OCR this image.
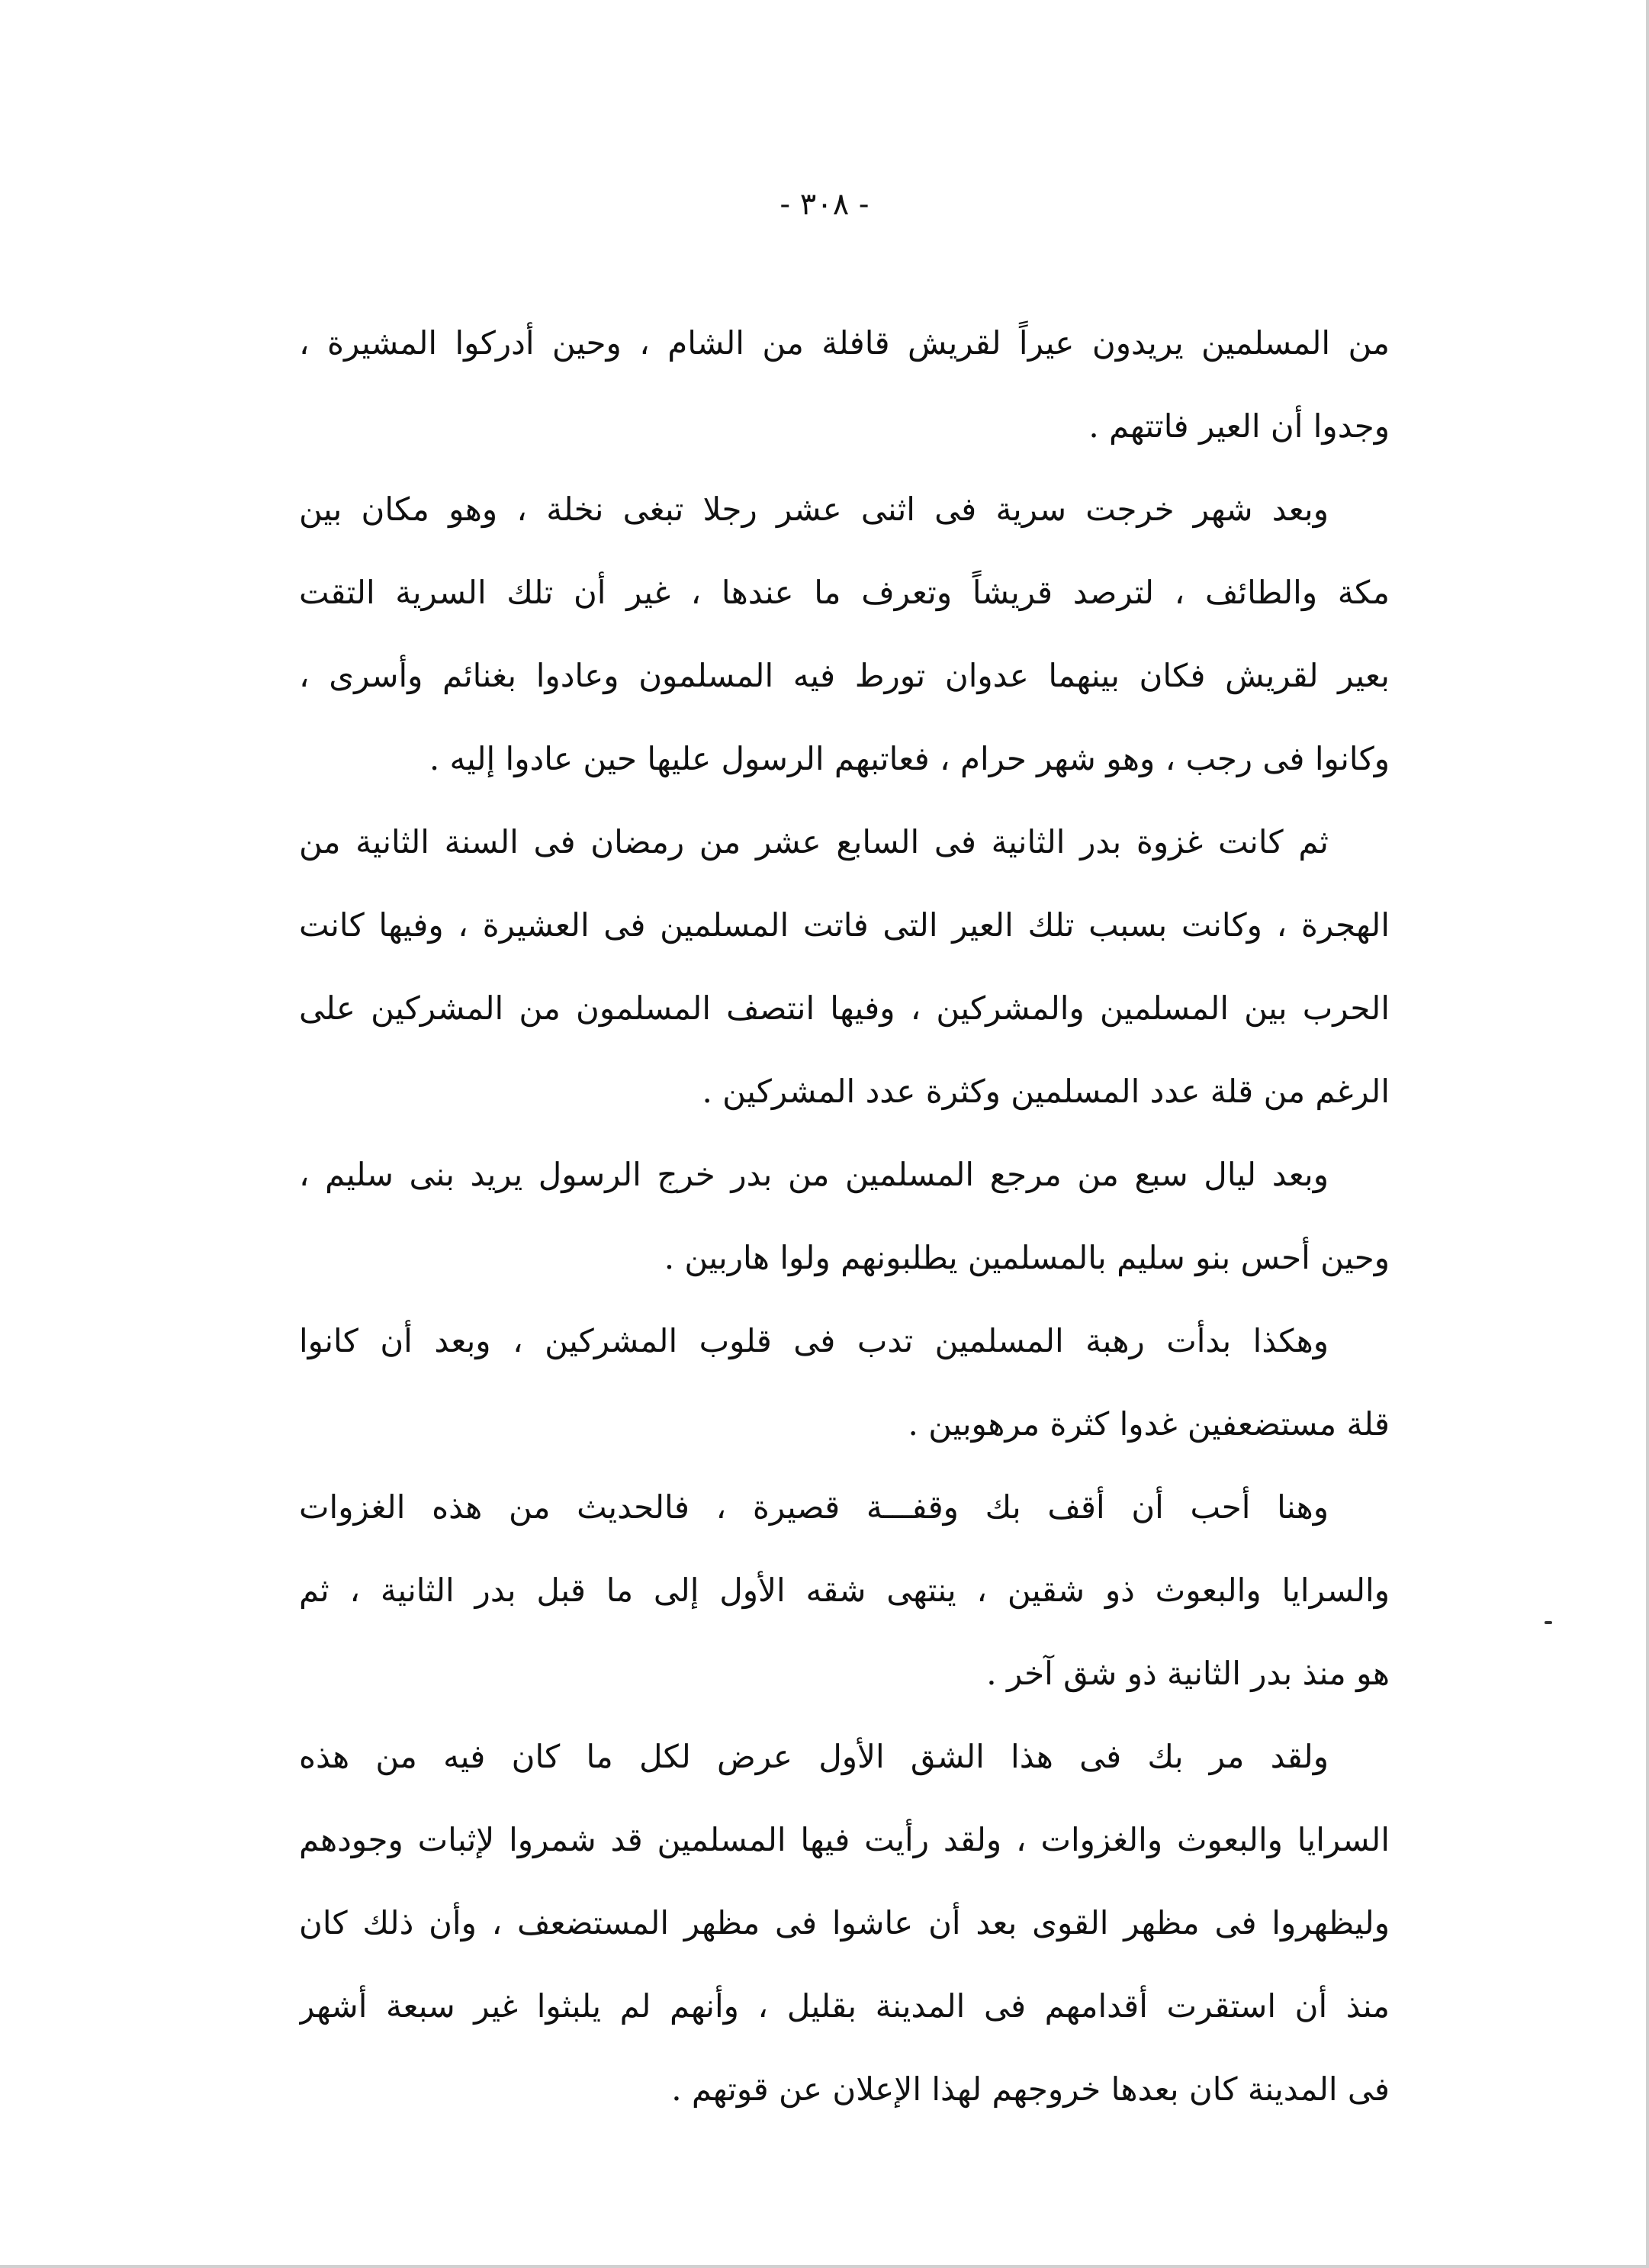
- ٣٠٨ -
من المسلمين يريدون عيراً لقريش قافلة من الشام ، وحين أدركوا المشيرة ،
وجدوا أن العير فاتتهم .
وبعد شهر خرجت سرية فى اثنى عشر رجلا تبغى نخلة ، وهو مكان بين
مكة والطائف ، لترصد قريشاً وتعرف ما عندها ، غير أن تلك السرية التقت
بعير لقريش فكان بينهما عدوان تورط فيه المسلمون وعادوا بغنائم وأسرى ،
وكانوا فى رجب ، وهو شهر حرام ، فعاتبهم الرسول عليها حين عادوا إليه .
ثم كانت غزوة بدر الثانية فى السابع عشر من رمضان فى السنة الثانية من
الهجرة ، وكانت بسبب تلك العير التى فاتت المسلمين فى العشيرة ، وفيها كانت
الحرب بين المسلمين والمشركين ، وفيها انتصف المسلمون من المشركين على
الرغم من قلة عدد المسلمين وكثرة عدد المشركين .
وبعد ليال سبع من مرجع المسلمين من بدر خرج الرسول يريد بنى سليم ،
وحين أحس بنو سليم بالمسلمين يطلبونهم ولوا هاربين .
وهكذا بدأت رهبة المسلمين تدب فى قلوب المشركين ، وبعد أن كانوا
قلة مستضعفين غدوا كثرة مرهوبين .
وهنا أحب أن أقف بك وقفـــة قصيرة ، فالحديث من هذه الغزوات
والسرايا والبعوث ذو شقين ، ينتهى شقه الأول إلى ما قبل بدر الثانية ، ثم
هو منذ بدر الثانية ذو شق آخر .
ولقد مر بك فى هذا الشق الأول عرض لكل ما كان فيه من هذه
السرايا والبعوث والغزوات ، ولقد رأيت فيها المسلمين قد شمروا لإثبات وجودهم
وليظهروا فى مظهر القوى بعد أن عاشوا فى مظهر المستضعف ، وأن ذلك كان
منذ أن استقرت أقدامهم فى المدينة بقليل ، وأنهم لم يلبثوا غير سبعة أشهر
فى المدينة كان بعدها خروجهم لهذا الإعلان عن قوتهم .
